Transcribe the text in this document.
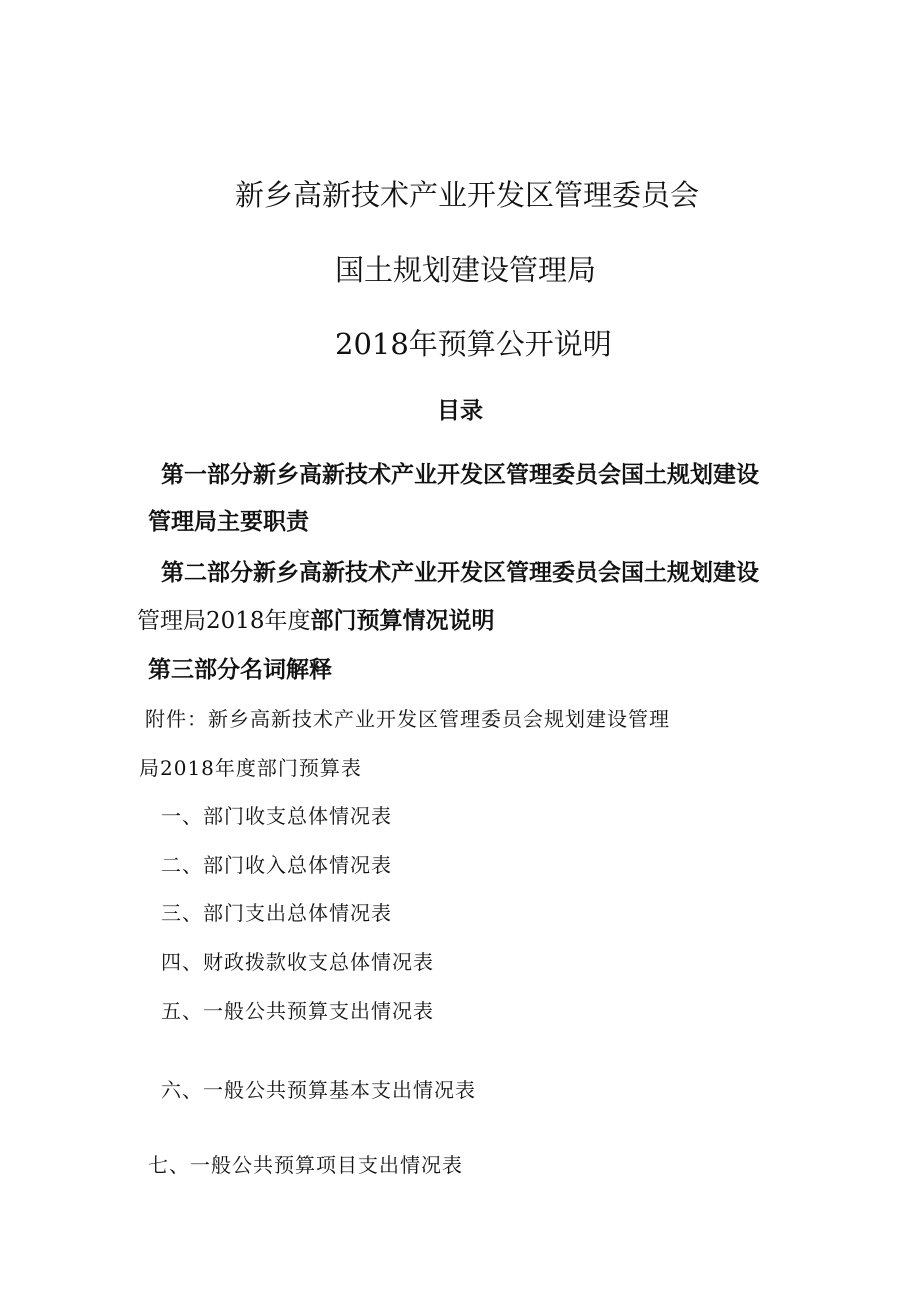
新乡高新技术产业开发区管理委员会
国土规划建设管理局
2018年预算公开说明
目录
第一部分新乡高新技术产业开发区管理委员会国土规划建设
管理局主要职责
第二部分新乡高新技术产业开发区管理委员会国土规划建设
管理局2018年度部门预算情况说明
第三部分名词解释
附件：新乡高新技术产业开发区管理委员会规划建设管理
局2018年度部门预算表
一、部门收支总体情况表
二、部门收入总体情况表
三、部门支出总体情况表
四、财政拨款收支总体情况表
五、一般公共预算支出情况表
六、一般公共预算基本支出情况表
七、一般公共预算项目支出情况表
